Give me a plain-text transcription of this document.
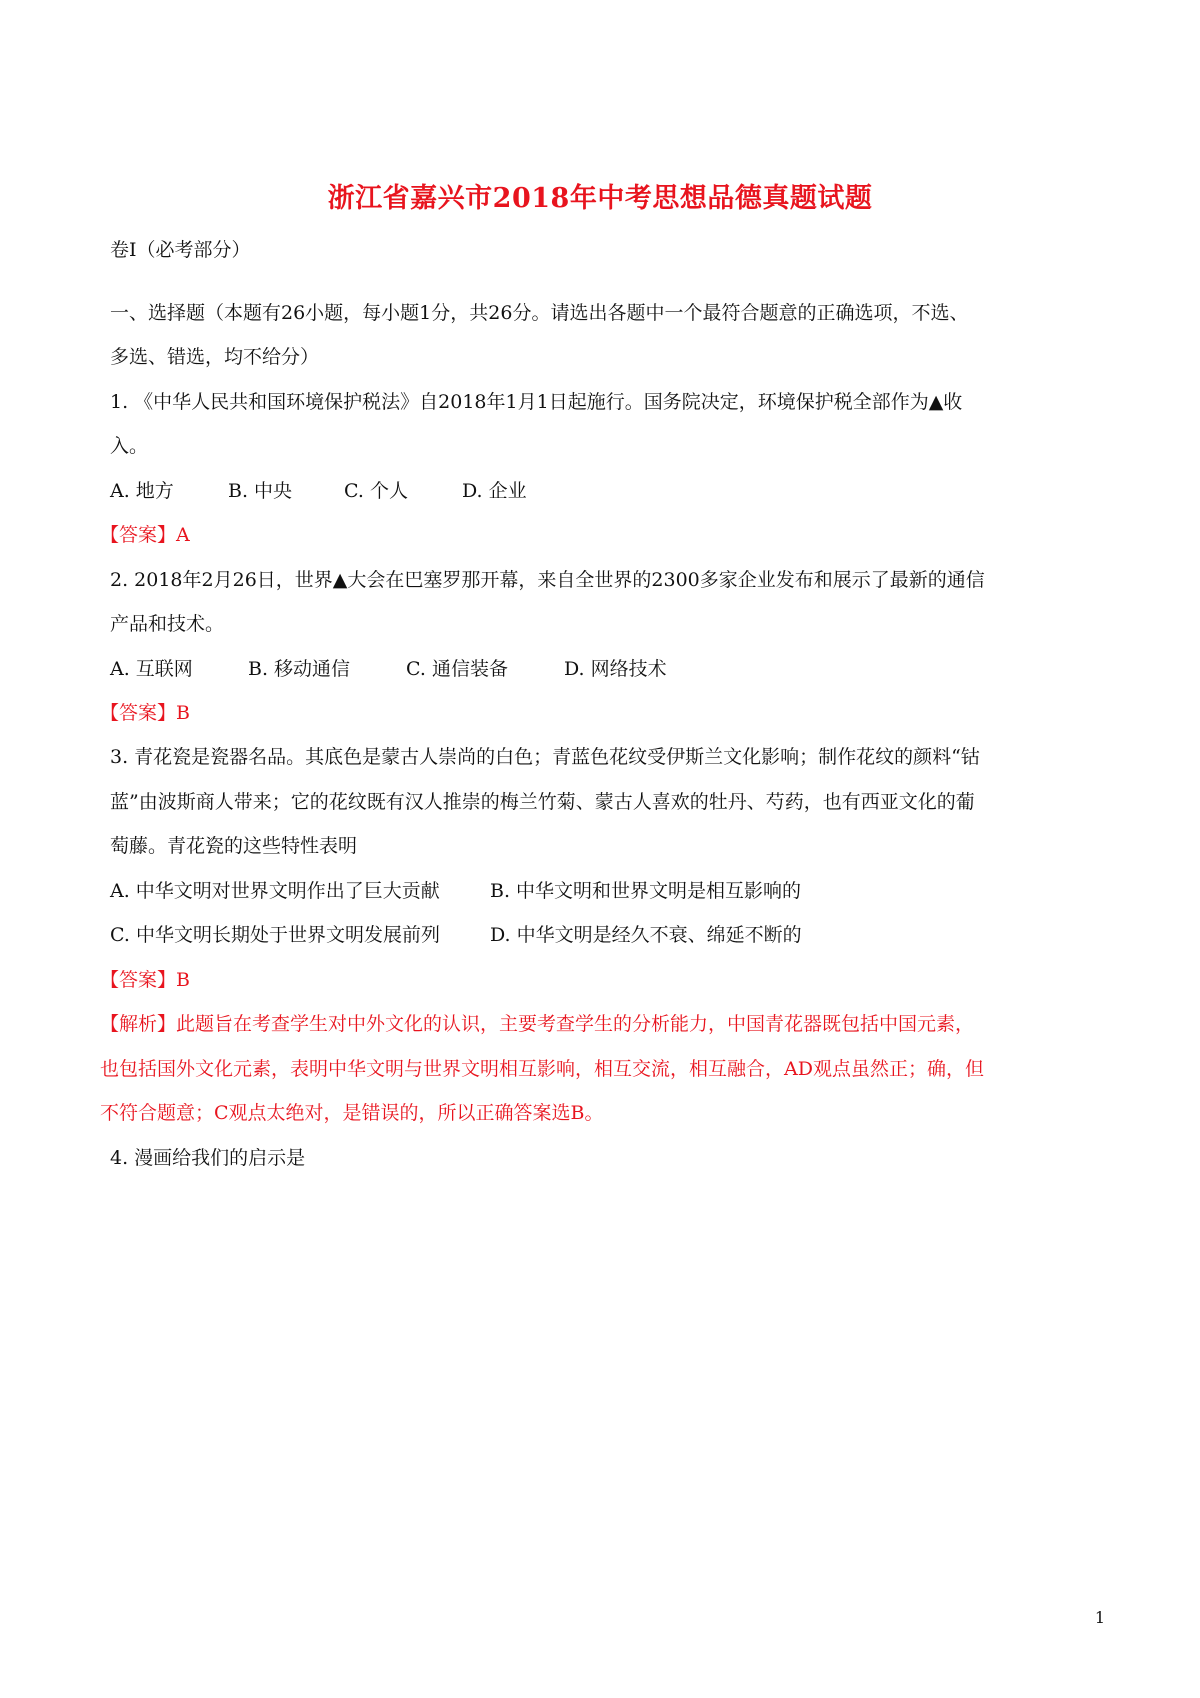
浙江省嘉兴市2018年中考思想品德真题试题
卷Ⅰ（必考部分）
一、选择题（本题有26小题，每小题1分，共26分。请选出各题中一个最符合题意的正确选项，不选、
多选、错选，均不给分）
1. 《中华人民共和国环境保护税法》自2018年1月1日起施行。国务院决定，环境保护税全部作为▲收
入。
A. 地方	B. 中央	C. 个人	D. 企业
【答案】A
2. 2018年2月26日，世界▲大会在巴塞罗那开幕，来自全世界的2300多家企业发布和展示了最新的通信
产品和技术。
A. 互联网	B. 移动通信	C. 通信装备	D. 网络技术
【答案】B
3. 青花瓷是瓷器名品。其底色是蒙古人崇尚的白色；青蓝色花纹受伊斯兰文化影响；制作花纹的颜料“钴
蓝”由波斯商人带来；它的花纹既有汉人推崇的梅兰竹菊、蒙古人喜欢的牡丹、芍药，也有西亚文化的葡
萄藤。青花瓷的这些特性表明
A. 中华文明对世界文明作出了巨大贡献	B. 中华文明和世界文明是相互影响的
C. 中华文明长期处于世界文明发展前列	D. 中华文明是经久不衰、绵延不断的
【答案】B
【解析】此题旨在考查学生对中外文化的认识，主要考查学生的分析能力，中国青花器既包括中国元素，
也包括国外文化元素，表明中华文明与世界文明相互影响，相互交流，相互融合，AD观点虽然正；确，但
不符合题意；C观点太绝对，是错误的，所以正确答案选B。
4. 漫画给我们的启示是
1
